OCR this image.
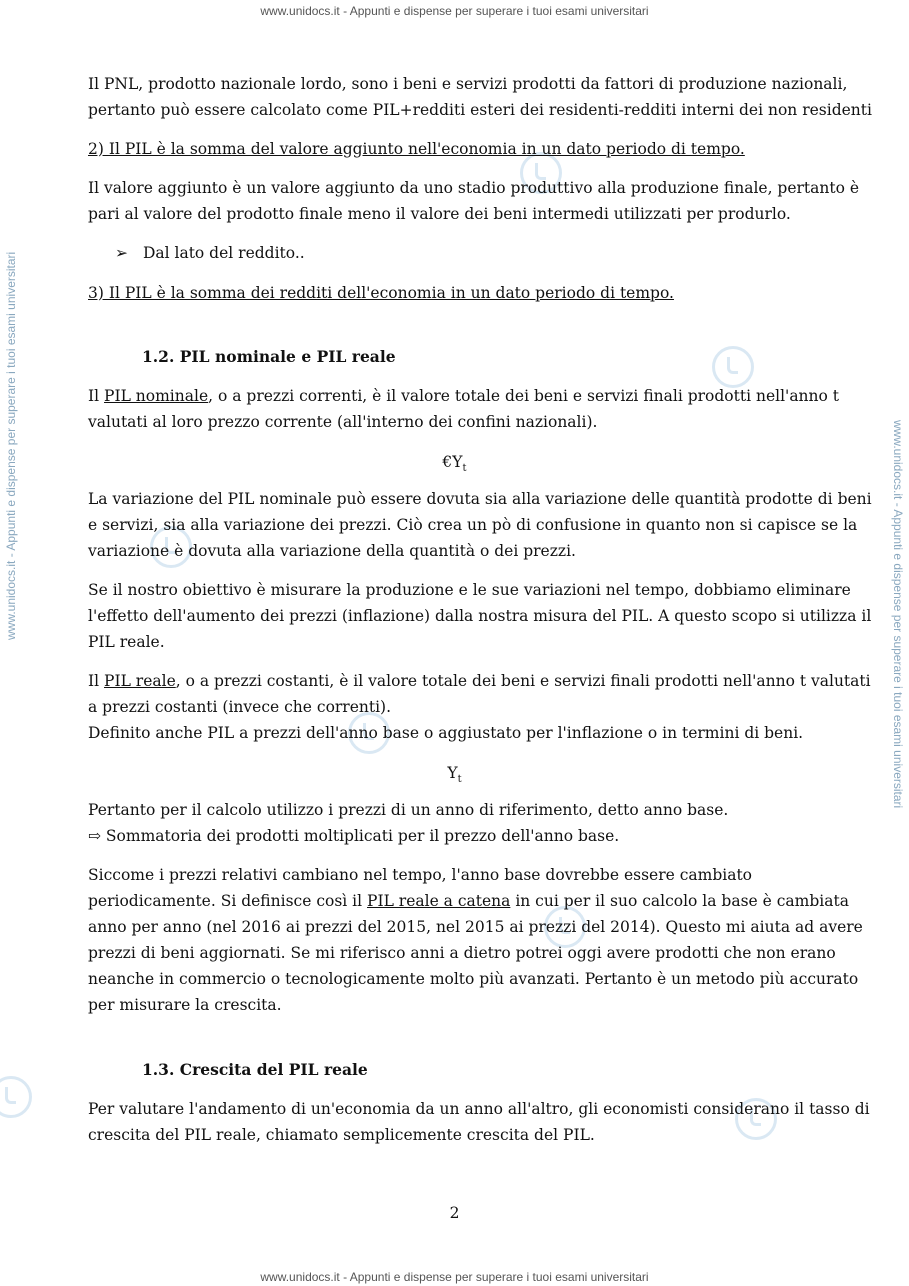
www.unidocs.it - Appunti e dispense per superare i tuoi esami universitari
www.unidocs.it - Appunti e dispense per superare i tuoi esami universitari
www.unidocs.it - Appunti e dispense per superare i tuoi esami universitari	www.unidocs.it - Appunti e dispense per superare i tuoi esami universitari
Il PNL, prodotto nazionale lordo, sono i beni e servizi prodotti da fattori di produzione nazionali,
pertanto può essere calcolato come PIL+redditi esteri dei residenti-redditi interni dei non residenti
2) Il PIL è la somma del valore aggiunto nell'economia in un dato periodo di tempo.
Il valore aggiunto è un valore aggiunto da uno stadio produttivo alla produzione finale, pertanto è
pari al valore del prodotto finale meno il valore dei beni intermedi utilizzati per produrlo.
➢ Dal lato del reddito..
3) Il PIL è la somma dei redditi dell'economia in un dato periodo di tempo.
1.2. PIL nominale e PIL reale
Il PIL nominale, o a prezzi correnti, è il valore totale dei beni e servizi finali prodotti nell'anno t
valutati al loro prezzo corrente (all'interno dei confini nazionali).
$€Y_t$
La variazione del PIL nominale può essere dovuta sia alla variazione delle quantità prodotte di beni
e servizi, sia alla variazione dei prezzi. Ciò crea un pò di confusione in quanto non si capisce se la
variazione è dovuta alla variazione della quantità o dei prezzi.
Se il nostro obiettivo è misurare la produzione e le sue variazioni nel tempo, dobbiamo eliminare
l'effetto dell'aumento dei prezzi (inflazione) dalla nostra misura del PIL. A questo scopo si utilizza il
PIL reale.
Il PIL reale, o a prezzi costanti, è il valore totale dei beni e servizi finali prodotti nell'anno t valutati
a prezzi costanti (invece che correnti).
Definito anche PIL a prezzi dell'anno base o aggiustato per l'inflazione o in termini di beni.
$Y_t$
Pertanto per il calcolo utilizzo i prezzi di un anno di riferimento, detto anno base.
⇨ Sommatoria dei prodotti moltiplicati per il prezzo dell'anno base.
Siccome i prezzi relativi cambiano nel tempo, l'anno base dovrebbe essere cambiato
periodicamente. Si definisce così il PIL reale a catena in cui per il suo calcolo la base è cambiata
anno per anno (nel 2016 ai prezzi del 2015, nel 2015 ai prezzi del 2014). Questo mi aiuta ad avere
prezzi di beni aggiornati. Se mi riferisco anni a dietro potrei oggi avere prodotti che non erano
neanche in commercio o tecnologicamente molto più avanzati. Pertanto è un metodo più accurato
per misurare la crescita.
1.3. Crescita del PIL reale
Per valutare l'andamento di un'economia da un anno all'altro, gli economisti considerano il tasso di
crescita del PIL reale, chiamato semplicemente crescita del PIL.
2
